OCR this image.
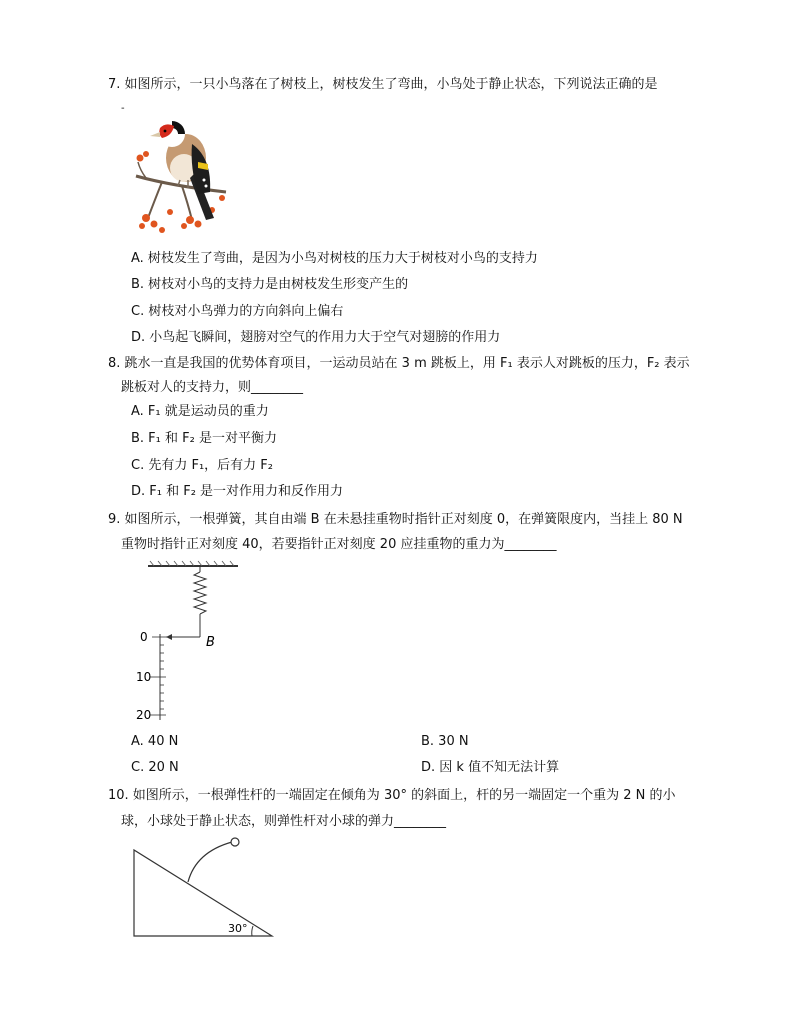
7. 如图所示，一只小鸟落在了树枝上，树枝发生了弯曲，小鸟处于静止状态，下列说法正确的是
-
A. 树枝发生了弯曲，是因为小鸟对树枝的压力大于树枝对小鸟的支持力
B. 树枝对小鸟的支持力是由树枝发生形变产生的
C. 树枝对小鸟弹力的方向斜向上偏右
D. 小鸟起飞瞬间，翅膀对空气的作用力大于空气对翅膀的作用力
8. 跳水一直是我国的优势体育项目，一运动员站在 3 m 跳板上，用 F₁ 表示人对跳板的压力，F₂ 表示
跳板对人的支持力，则________
A. F₁ 就是运动员的重力
B. F₁ 和 F₂ 是一对平衡力
C. 先有力 F₁，后有力 F₂
D. F₁ 和 F₂ 是一对作用力和反作用力
9. 如图所示，一根弹簧，其自由端 B 在未悬挂重物时指针正对刻度 0，在弹簧限度内，当挂上 80 N
重物时指针正对刻度 40，若要指针正对刻度 20 应挂重物的重力为________
0
10
20
B
A. 40 N	B. 30 N
C. 20 N	D. 因 k 值不知无法计算
10. 如图所示，一根弹性杆的一端固定在倾角为 30° 的斜面上，杆的另一端固定一个重为 2 N 的小
球，小球处于静止状态，则弹性杆对小球的弹力________
30°
